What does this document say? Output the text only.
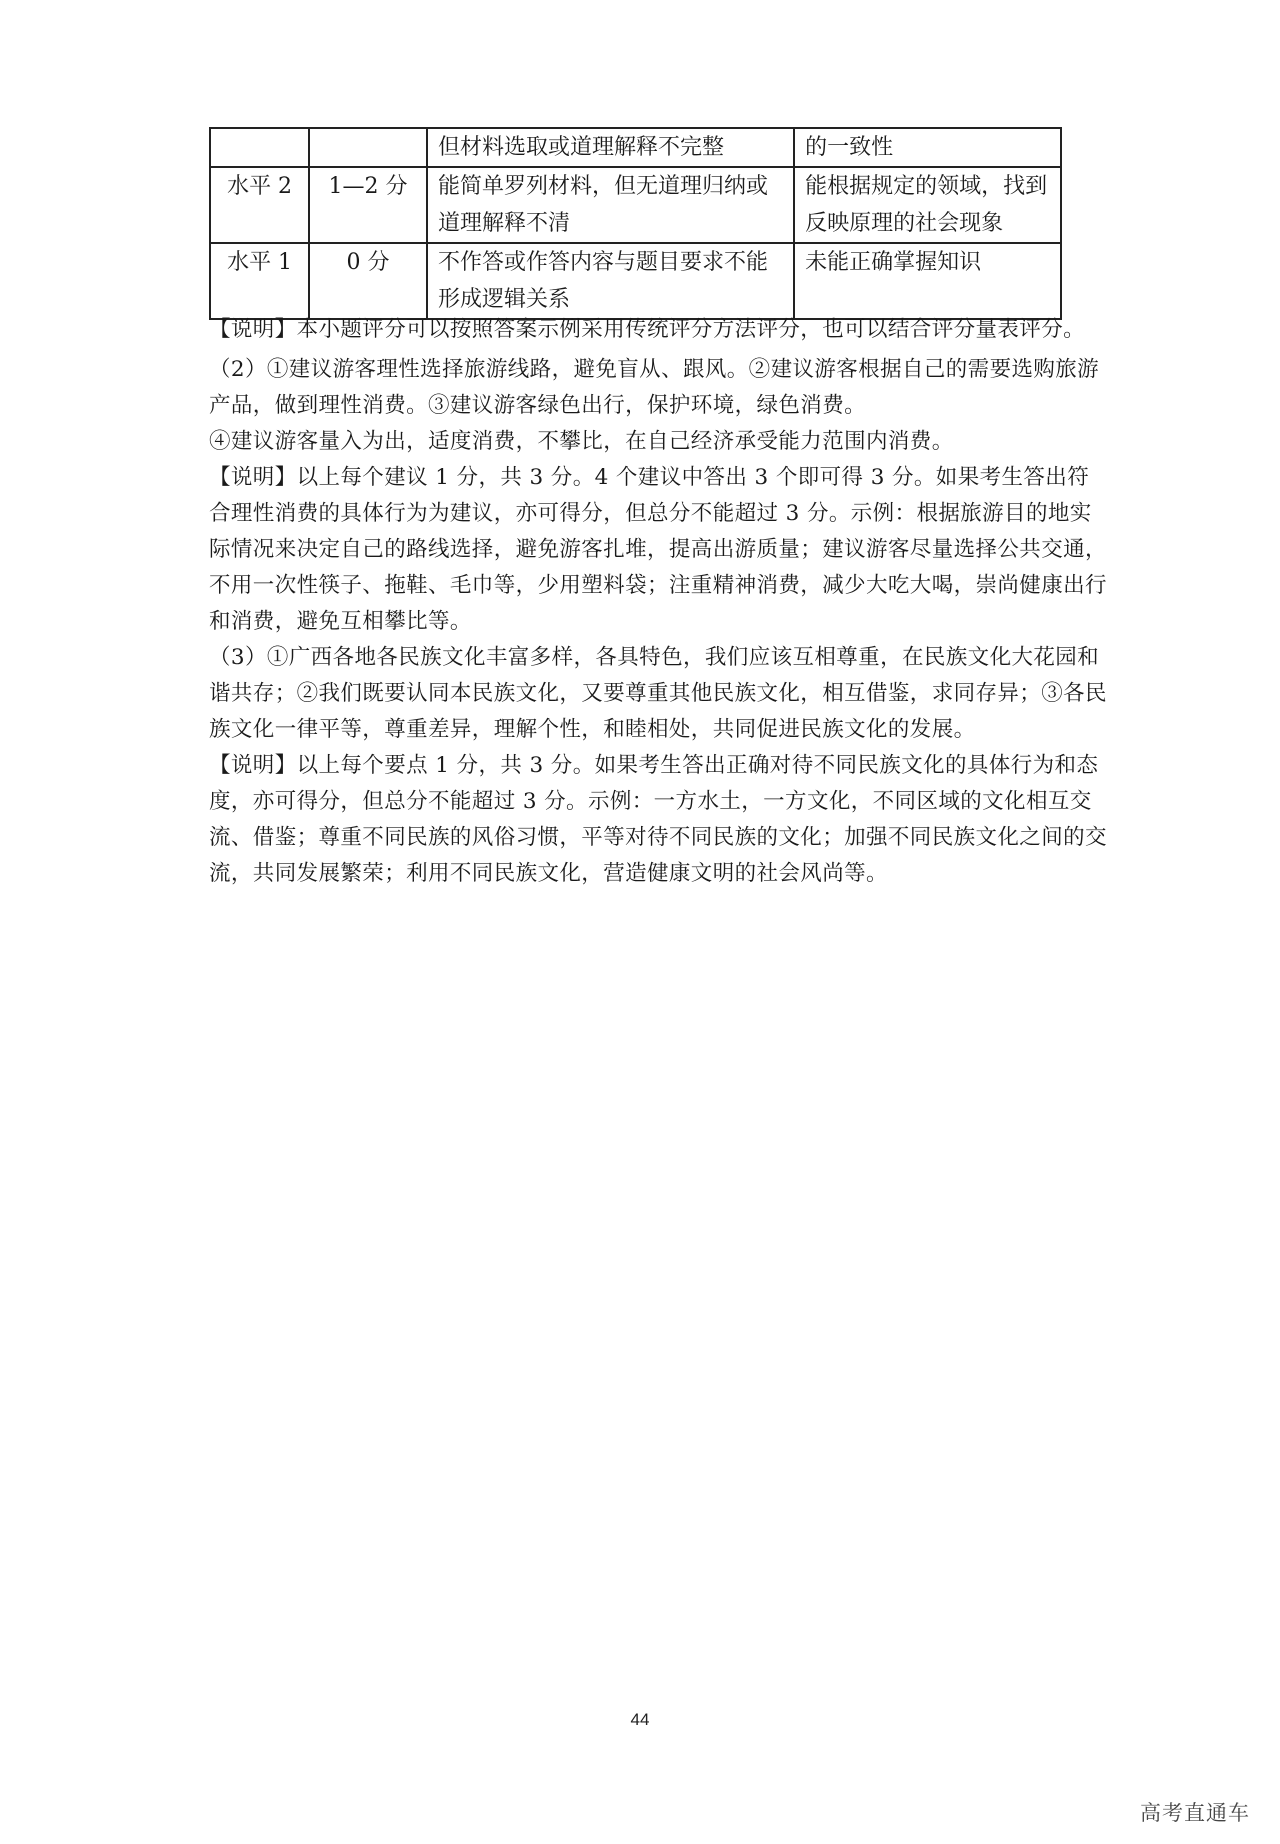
		但材料选取或道理解释不完整	的一致性
水平 2	1—2 分	能简单罗列材料，但无道理归纳或道理解释不清	能根据规定的领域，找到反映原理的社会现象
水平 1	0 分	不作答或作答内容与题目要求不能形成逻辑关系	未能正确掌握知识

【说明】本小题评分可以按照答案示例采用传统评分方法评分，也可以结合评分量表评分。

（2）①建议游客理性选择旅游线路，避免盲从、跟风。②建议游客根据自己的需要选购旅游产品，做到理性消费。③建议游客绿色出行，保护环境，绿色消费。

④建议游客量入为出，适度消费，不攀比，在自己经济承受能力范围内消费。

【说明】以上每个建议 1 分，共 3 分。4 个建议中答出 3 个即可得 3 分。如果考生答出符合理性消费的具体行为为建议，亦可得分，但总分不能超过 3 分。示例：根据旅游目的地实际情况来决定自己的路线选择，避免游客扎堆，提高出游质量；建议游客尽量选择公共交通，不用一次性筷子、拖鞋、毛巾等，少用塑料袋；注重精神消费，减少大吃大喝，崇尚健康出行和消费，避免互相攀比等。

（3）①广西各地各民族文化丰富多样，各具特色，我们应该互相尊重，在民族文化大花园和谐共存；②我们既要认同本民族文化，又要尊重其他民族文化，相互借鉴，求同存异；③各民族文化一律平等，尊重差异，理解个性，和睦相处，共同促进民族文化的发展。

【说明】以上每个要点 1 分，共 3 分。如果考生答出正确对待不同民族文化的具体行为和态度，亦可得分，但总分不能超过 3 分。示例：一方水土，一方文化，不同区域的文化相互交流、借鉴；尊重不同民族的风俗习惯，平等对待不同民族的文化；加强不同民族文化之间的交流，共同发展繁荣；利用不同民族文化，营造健康文明的社会风尚等。

44
高考直通车
